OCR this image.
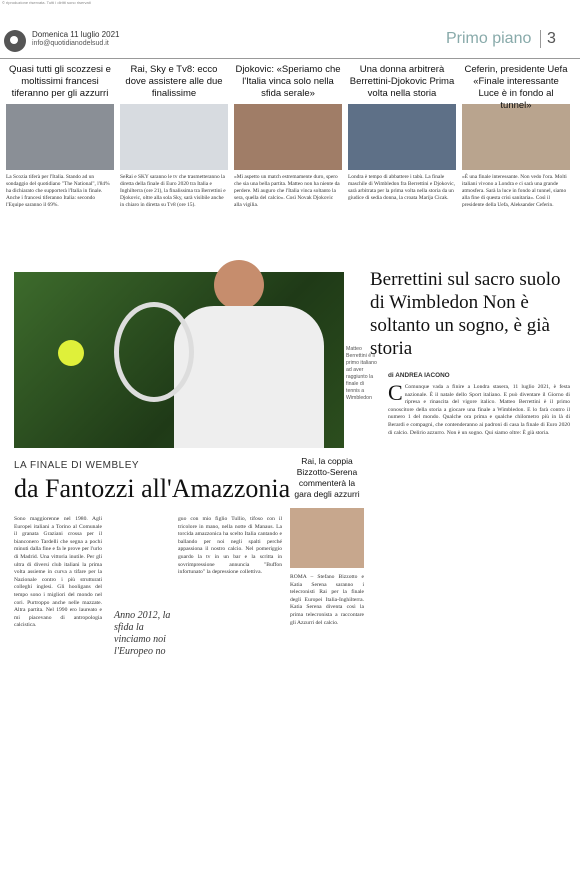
© riproduzione riservata. Tutti i diritti sono riservati
Domenica 11 luglio 2021
info@quotidianodelsud.it	Primo piano 3
Quasi tutti gli scozzesi e moltissimi francesi tiferanno per gli azzurri
La Scozia tiferà per l'Italia. Stando ad un sondaggio del quotidiano "The National", l'84% ha dichiarato che supporterà l'Italia in finale. Anche i francesi tiferanno Italia: secondo l'Equipe saranno il 69%.
Rai, Sky e Tv8: ecco dove assistere alle due finalissime
SeRai e SKY saranno le tv che trasmetteranno la diretta della finale di Euro 2020 tra Italia e Inghilterra (ore 21), la finalissima tra Berrettini e Djokovic, oltre alla sola Sky, sarà visibile anche in chiaro in diretta su Tv8 (ore 15).
Djokovic: «Speriamo che l'Italia vinca solo nella sfida serale»
«Mi aspetto un match estremamente duro, spero che sia una bella partita. Matteo non ha niente da perdere. Mi auguro che l'Italia vinca soltanto la sera, quella del calcio». Così Novak Djokovic alla vigilia.
Una donna arbitrerà Berrettini-Djokovic Prima volta nella storia
Londra è tempo di abbattere i tabù. La finale maschile di Wimbledon fra Berrettini e Djokovic, sarà arbitrata per la prima volta nella storia da un giudice di sedia donna, la croata Marija Cicak.
Ceferin, presidente Uefa «Finale interessante Luce è in fondo al tunnel»
«È una finale interessante. Non vedo l'ora. Molti italiani vivono a Londra e ci sarà una grande atmosfera. Sarà la luce in fondo al tunnel, siamo alla fine di questa crisi sanitaria». Così il presidente della Uefa, Aleksander Ceferin.
Berrettini sul sacro suolo di Wimbledon Non è soltanto un sogno, è già storia
Matteo Berrettini è il primo italiano ad aver raggiunto la finale di tennis a Wimbledon
di ANDREA IACONO
C Comunque vada a finire a Londra stasera, 11 luglio 2021, è festa nazionale. È il natale dello Sport italiano. E può diventare il Giorno di ripresa e rinascita del vigore italico. Matteo Berrettini è il primo conoscitore della storia a giocare una finale a Wimbledon. E lo farà contro il numero 1 del mondo. Qualche ora prima e qualche chilometro più in là di Berardi e compagni, che contenderanno ai padroni di casa la finale di Euro 2020 di calcio. Delirio azzurro. Non è un sogno. Qui siamo oltre: È già storia.
LA FINALE DI WEMBLEY
da Fantozzi all'Amazzonia
Sono maggiorenne nel 1980. Agli Europei italiani a Torino al Comunale il granata Graziani crossa per il bianconero Tardelli che segna a pochi minuti dalla fine e fa le prove per l'urlo di Madrid. Una vittoria inutile. Per gli ultra di diversi club italiani la prima volta assieme in curva a tifare per la Nazionale contro i più strutturati colleghi inglesi. Gli hooligans del tempo sono i migliori del mondo nel cori. Purtroppo anche nelle mazzate. Altra partita. Nel 1990 ero laureato e mi piacevano di antropologia calcistica.
Anno 2012, la sfida la vinciamo noi l'Europeo no
guo con mio figlio Tullio, tifoso con il tricolore in mano, nella notte di Manaus. La torcida amazzonica ha scelto Italia cantando e ballando per noi negli spalti perché appassiona il nostro calcio. Nel pomeriggio guardo la tv in un bar e la scritta in sovrimpressione annuncia "Buffon infortunato" la depressione collettiva.
Rai, la coppia Bizzotto-Serena commenterà la gara degli azzurri
ROMA – Stefano Bizzotto e Katia Serena saranno i telecronisti Rai per la finale degli Europei Italia-Inghilterra. Katia Serena diventa così la prima telecronista a raccontare gli Azzurri del calcio.
